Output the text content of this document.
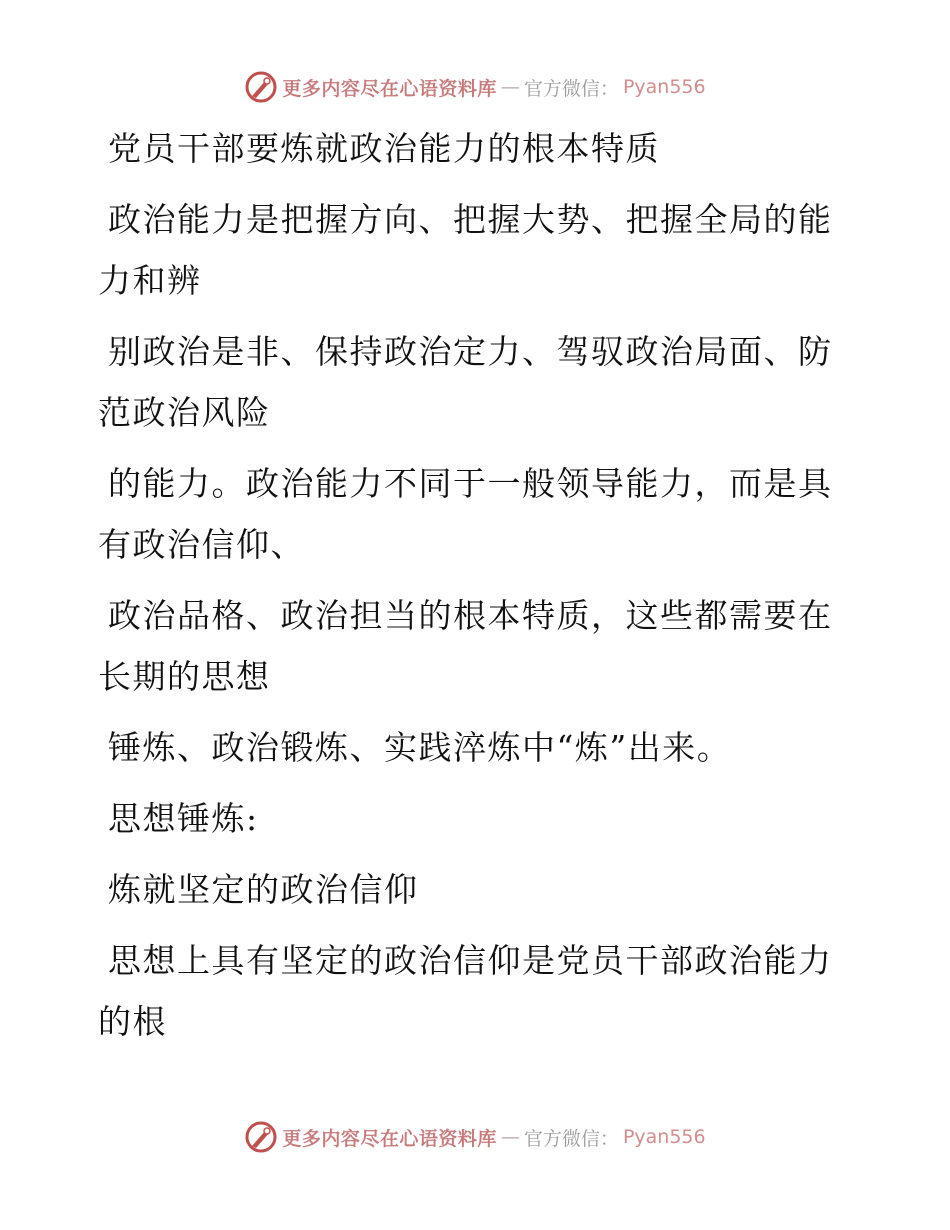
更多内容尽在心语资料库 — 官方微信： Pyan556

党员干部要炼就政治能力的根本特质

政治能力是把握方向、把握大势、把握全局的能
力和辨

别政治是非、保持政治定力、驾驭政治局面、防
范政治风险

的能力。政治能力不同于一般领导能力，而是具
有政治信仰、

政治品格、政治担当的根本特质，这些都需要在
长期的思想

锤炼、政治锻炼、实践淬炼中“炼”出来。

思想锤炼:

炼就坚定的政治信仰

思想上具有坚定的政治信仰是党员干部政治能力
的根

更多内容尽在心语资料库 — 官方微信： Pyan556
